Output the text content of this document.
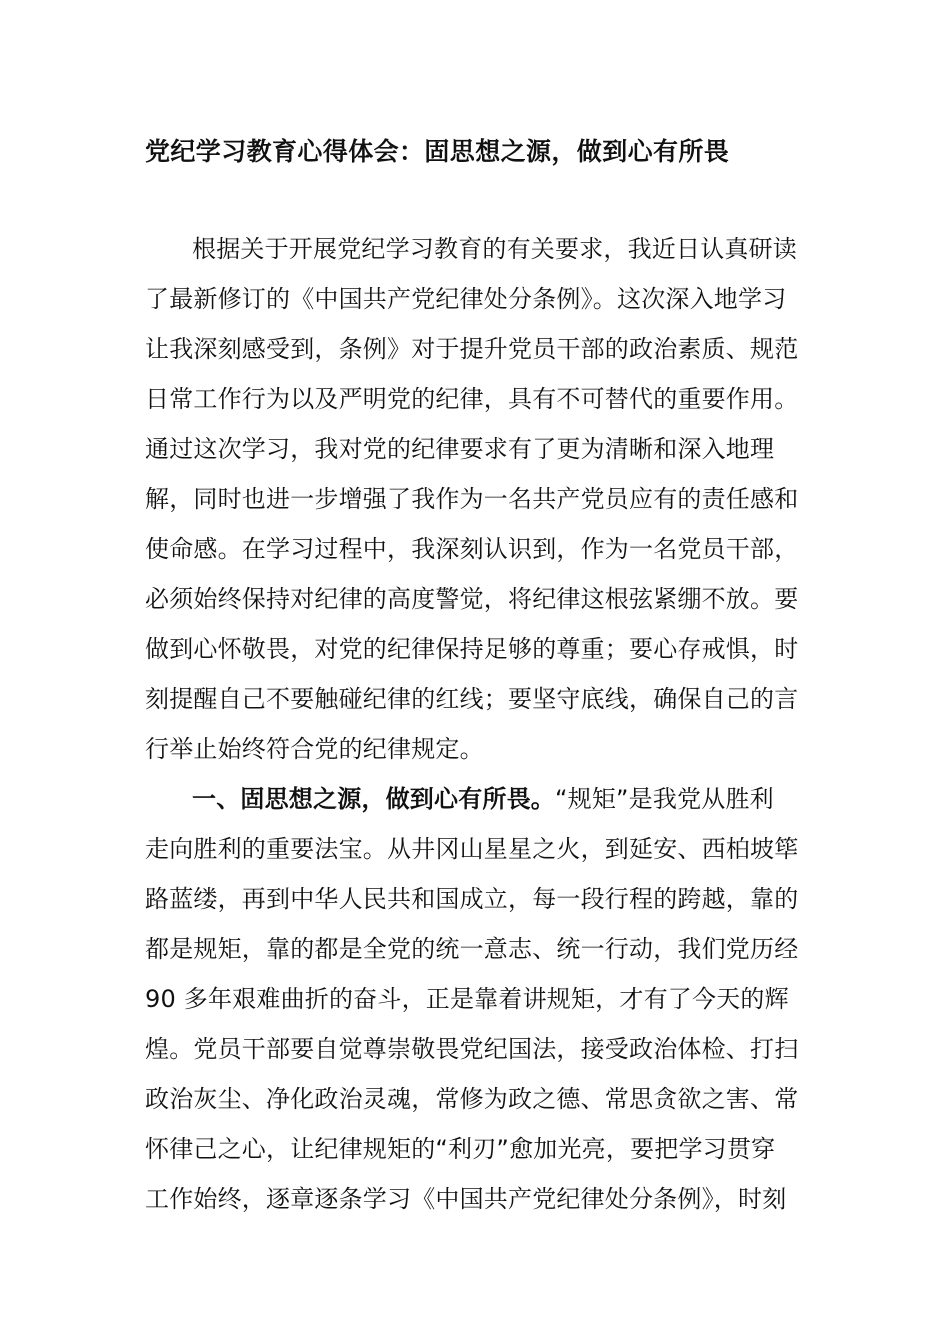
党纪学习教育心得体会：固思想之源，做到心有所畏
根据关于开展党纪学习教育的有关要求，我近日认真研读
了最新修订的《中国共产党纪律处分条例》。这次深入地学习
让我深刻感受到，条例》对于提升党员干部的政治素质、规范
日常工作行为以及严明党的纪律，具有不可替代的重要作用。
通过这次学习，我对党的纪律要求有了更为清晰和深入地理
解，同时也进一步增强了我作为一名共产党员应有的责任感和
使命感。在学习过程中，我深刻认识到，作为一名党员干部，
必须始终保持对纪律的高度警觉，将纪律这根弦紧绷不放。要
做到心怀敬畏，对党的纪律保持足够的尊重；要心存戒惧，时
刻提醒自己不要触碰纪律的红线；要坚守底线，确保自己的言
行举止始终符合党的纪律规定。
一、固思想之源，做到心有所畏。“规矩”是我党从胜利
走向胜利的重要法宝。从井冈山星星之火，到延安、西柏坡筚
路蓝缕，再到中华人民共和国成立，每一段行程的跨越，靠的
都是规矩，靠的都是全党的统一意志、统一行动，我们党历经
90 多年艰难曲折的奋斗，正是靠着讲规矩，才有了今天的辉
煌。党员干部要自觉尊崇敬畏党纪国法，接受政治体检、打扫
政治灰尘、净化政治灵魂，常修为政之德、常思贪欲之害、常
怀律己之心，让纪律规矩的“利刃”愈加光亮，要把学习贯穿
工作始终，逐章逐条学习《中国共产党纪律处分条例》，时刻
